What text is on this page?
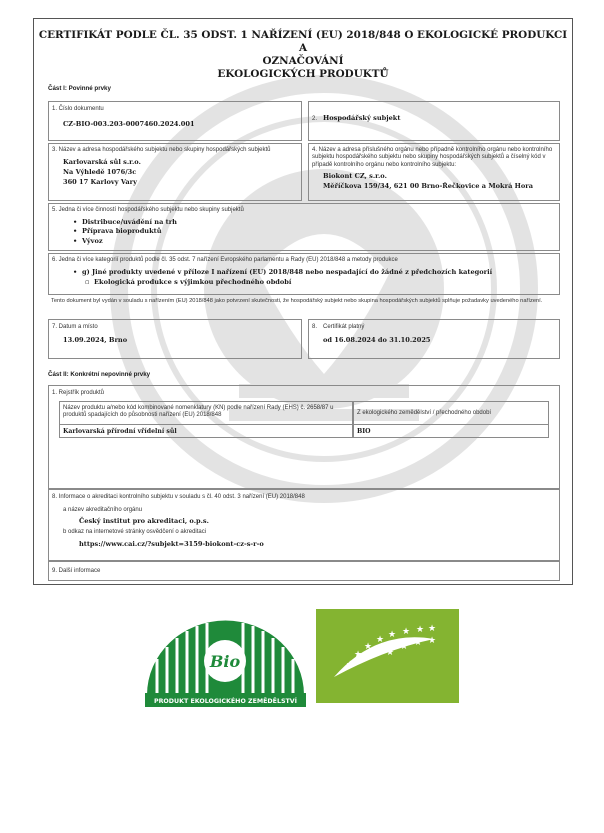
CERTIFIKÁT PODLE ČL. 35 ODST. 1 NAŘÍZENÍ (EU) 2018/848 O EKOLOGICKÉ PRODUKCI A
OZNAČOVÁNÍ
EKOLOGICKÝCH PRODUKTŮ
Část I: Povinné prvky
1. Číslo dokumentu
CZ-BIO-003.203-0007460.2024.001
2. Hospodářský subjekt
3. Název a adresa hospodářského subjektu nebo skupiny hospodářských subjektů
Karlovarská sůl s.r.o.
Na Výhledě 1076/3c
360 17 Karlovy Vary
4. Název a adresa příslušného orgánu nebo případně kontrolního orgánu nebo kontrolního subjektu hospodářského subjektu nebo skupiny hospodářských subjektů a číselný kód v případě kontrolního orgánu nebo kontrolního subjektu:
Biokont CZ, s.r.o.
Měříčkova 159/34, 621 00 Brno-Řečkovice a Mokrá Hora
5. Jedna či více činností hospodářského subjektu nebo skupiny subjektů
• Distribuce/uvádění na trh
• Příprava bioproduktů
• Vývoz
6. Jedna či více kategorií produktů podle čl. 35 odst. 7 nařízení Evropského parlamentu a Rady (EU) 2018/848 a metody produkce
• g) Jiné produkty uvedené v příloze I nařízení (EU) 2018/848 nebo nespadající do žádné z předchozích kategorií
▫ Ekologická produkce s výjimkou přechodného období
Tento dokument byl vydán v souladu s nařízením (EU) 2018/848 jako potvrzení skutečnosti, že hospodářský subjekt nebo skupina hospodářských subjektů splňuje požadavky uvedeného nařízení.
7. Datum a místo
13.09.2024, Brno
8. Certifikát platný
od 16.08.2024 do 31.10.2025
Část II: Konkrétní nepovinné prvky
1. Rejstřík produktů
Název produktu a/nebo kód kombinované nomenklatury (KN) podle nařízení Rady (EHS) č. 2658/87 u produktů spadajících do působnosti nařízení (EU) 2018/848	Z ekologického zemědělství / přechodného období
Karlovarská přírodní vřídelní sůl	BIO
8. Informace o akreditaci kontrolního subjektu v souladu s čl. 40 odst. 3 nařízení (EU) 2018/848
a název akreditačního orgánu
Český institut pro akreditaci, o.p.s.
b odkaz na internetové stránky osvědčení o akreditaci
https://www.cai.cz/?subjekt=3159-biokont-cz-s-r-o
9. Další informace
Bio
PRODUKT EKOLOGICKÉHO ZEMĚDĚLSTVÍ
★
★
★
★ ★ ★ ★ ★
★
★
★
★
